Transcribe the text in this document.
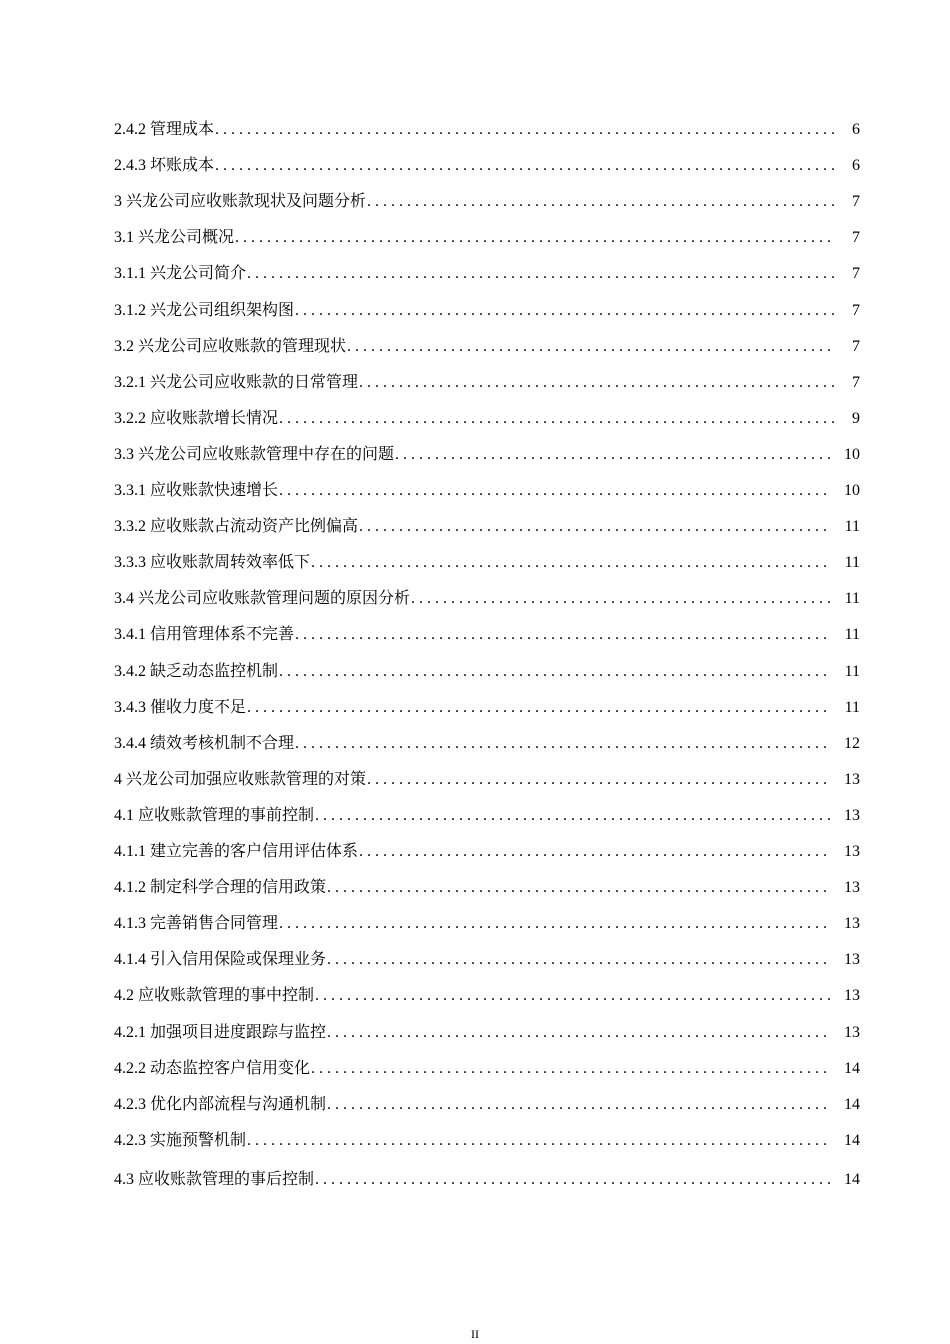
2.4.2 管理成本 . . .	6
2.4.3 坏账成本 . . .	6
3 兴龙公司应收账款现状及问题分析 . . .	7
3.1 兴龙公司概况 . . .	7
3.1.1 兴龙公司简介 . . .	7
3.1.2 兴龙公司组织架构图 . . .	7
3.2 兴龙公司应收账款的管理现状 . . .	7
3.2.1 兴龙公司应收账款的日常管理 . . .	7
3.2.2 应收账款增长情况 . . .	9
3.3 兴龙公司应收账款管理中存在的问题 . . .	10
3.3.1 应收账款快速增长 . . .	10
3.3.2 应收账款占流动资产比例偏高 . . .	11
3.3.3 应收账款周转效率低下 . . .	11
3.4 兴龙公司应收账款管理问题的原因分析 . . .	11
3.4.1 信用管理体系不完善 . . .	11
3.4.2 缺乏动态监控机制 . . .	11
3.4.3 催收力度不足 . . .	11
3.4.4 绩效考核机制不合理 . . .	12
4 兴龙公司加强应收账款管理的对策 . . .	13
4.1 应收账款管理的事前控制 . . .	13
4.1.1 建立完善的客户信用评估体系 . . .	13
4.1.2 制定科学合理的信用政策 . . .	13
4.1.3 完善销售合同管理 . . .	13
4.1.4 引入信用保险或保理业务 . . .	13
4.2 应收账款管理的事中控制 . . .	13
4.2.1 加强项目进度跟踪与监控 . . .	13
4.2.2 动态监控客户信用变化 . . .	14
4.2.3 优化内部流程与沟通机制 . . .	14
4.2.3 实施预警机制 . . .	14
4.3 应收账款管理的事后控制 . . .	14
II
